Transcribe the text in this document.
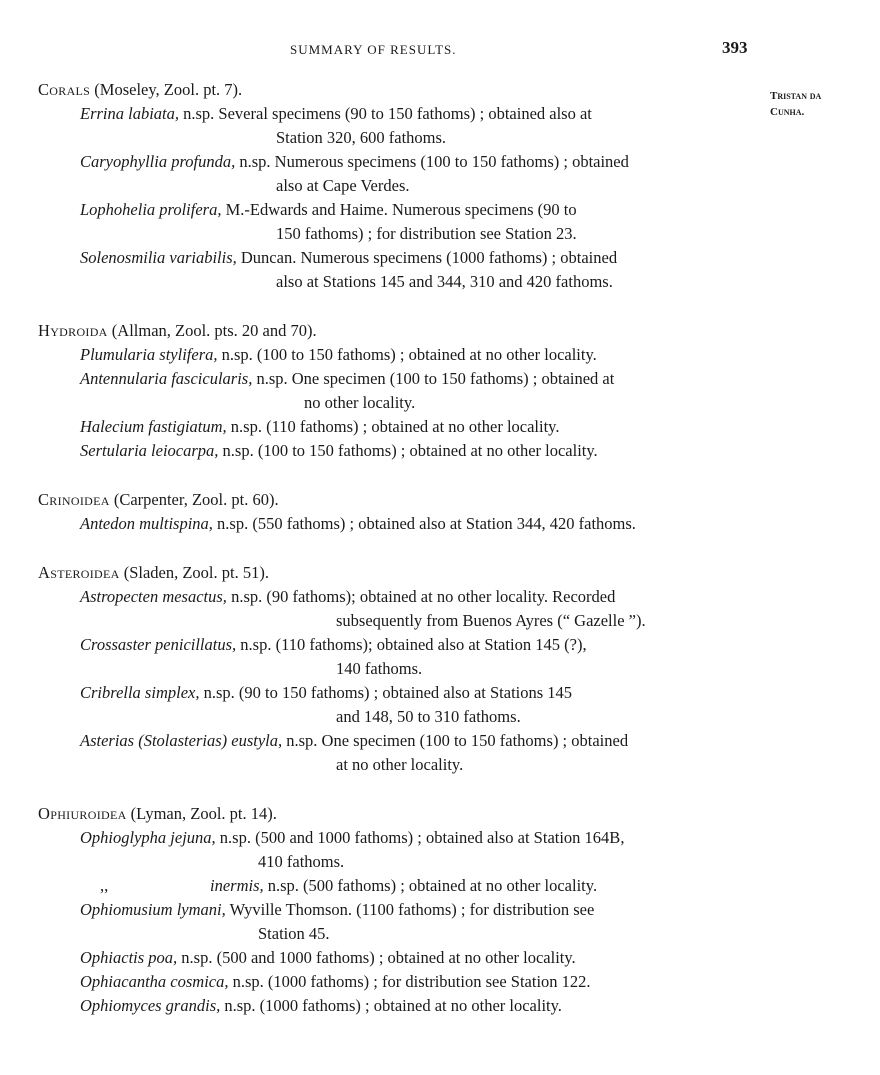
SUMMARY OF RESULTS.	393
Tristan da
Cunha.
Corals (Moseley, Zool. pt. 7).
Errina labiata, n.sp. Several specimens (90 to 150 fathoms) ; obtained also at
Station 320, 600 fathoms.
Caryophyllia profunda, n.sp. Numerous specimens (100 to 150 fathoms) ; obtained
also at Cape Verdes.
Lophohelia prolifera, M.-Edwards and Haime. Numerous specimens (90 to
150 fathoms) ; for distribution see Station 23.
Solenosmilia variabilis, Duncan. Numerous specimens (1000 fathoms) ; obtained
also at Stations 145 and 344, 310 and 420 fathoms.
Hydroida (Allman, Zool. pts. 20 and 70).
Plumularia stylifera, n.sp. (100 to 150 fathoms) ; obtained at no other locality.
Antennularia fascicularis, n.sp. One specimen (100 to 150 fathoms) ; obtained at
no other locality.
Halecium fastigiatum, n.sp. (110 fathoms) ; obtained at no other locality.
Sertularia leiocarpa, n.sp. (100 to 150 fathoms) ; obtained at no other locality.
Crinoidea (Carpenter, Zool. pt. 60).
Antedon multispina, n.sp. (550 fathoms) ; obtained also at Station 344, 420 fathoms.
Asteroidea (Sladen, Zool. pt. 51).
Astropecten mesactus, n.sp. (90 fathoms); obtained at no other locality. Recorded
subsequently from Buenos Ayres (“ Gazelle ”).
Crossaster penicillatus, n.sp. (110 fathoms); obtained also at Station 145 (?),
140 fathoms.
Cribrella simplex, n.sp. (90 to 150 fathoms) ; obtained also at Stations 145
and 148, 50 to 310 fathoms.
Asterias (Stolasterias) eustyla, n.sp. One specimen (100 to 150 fathoms) ; obtained
at no other locality.
Ophiuroidea (Lyman, Zool. pt. 14).
Ophioglypha jejuna, n.sp. (500 and 1000 fathoms) ; obtained also at Station 164B,
410 fathoms.
,,	inermis, n.sp. (500 fathoms) ; obtained at no other locality.
Ophiomusium lymani, Wyville Thomson. (1100 fathoms) ; for distribution see
Station 45.
Ophiactis poa, n.sp. (500 and 1000 fathoms) ; obtained at no other locality.
Ophiacantha cosmica, n.sp. (1000 fathoms) ; for distribution see Station 122.
Ophiomyces grandis, n.sp. (1000 fathoms) ; obtained at no other locality.
